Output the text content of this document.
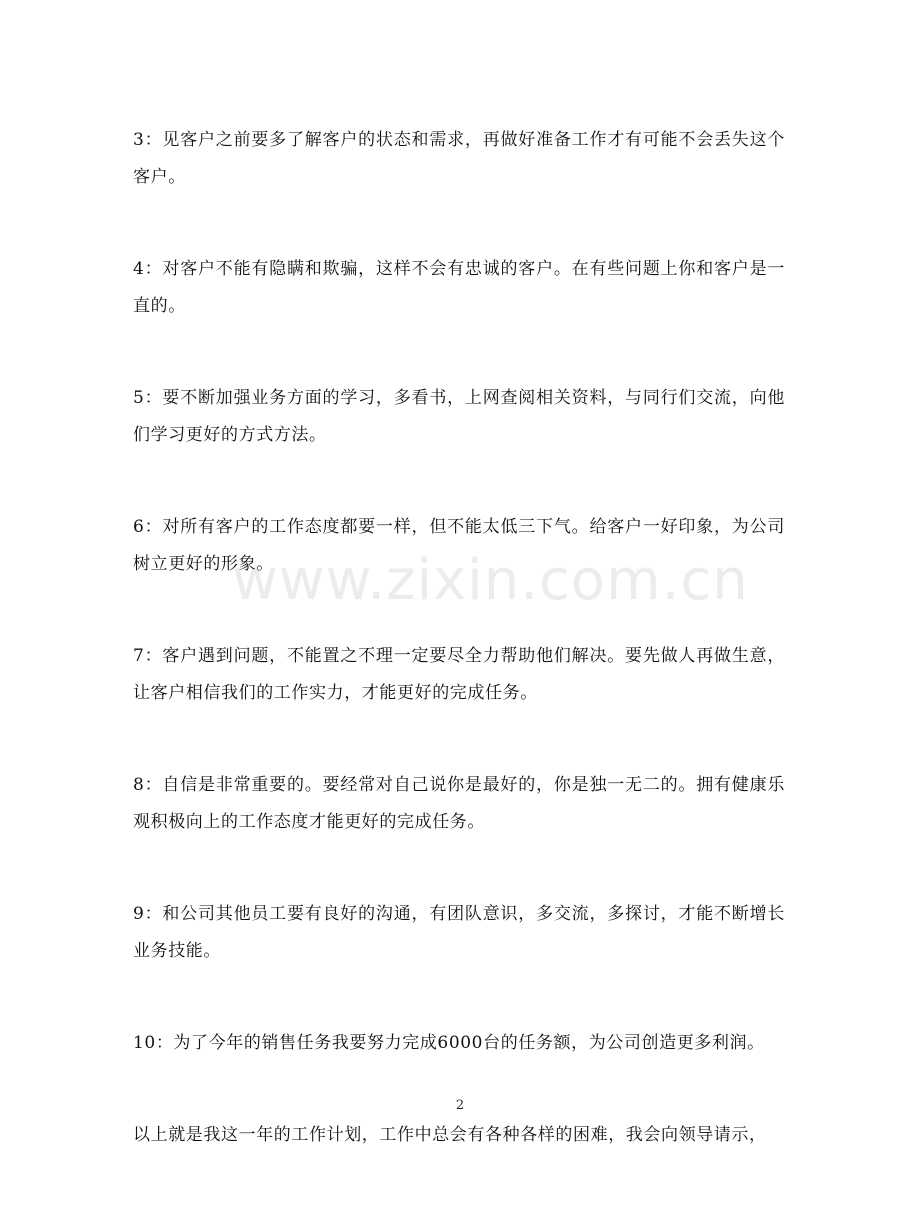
3：见客户之前要多了解客户的状态和需求，再做好准备工作才有可能不会丢失这个客户。

4：对客户不能有隐瞒和欺骗，这样不会有忠诚的客户。在有些问题上你和客户是一直的。

5：要不断加强业务方面的学习，多看书，上网查阅相关资料，与同行们交流，向他们学习更好的方式方法。

6：对所有客户的工作态度都要一样，但不能太低三下气。给客户一好印象，为公司树立更好的形象。

7：客户遇到问题，不能置之不理一定要尽全力帮助他们解决。要先做人再做生意，让客户相信我们的工作实力，才能更好的完成任务。

8：自信是非常重要的。要经常对自己说你是最好的，你是独一无二的。拥有健康乐观积极向上的工作态度才能更好的完成任务。

9：和公司其他员工要有良好的沟通，有团队意识，多交流，多探讨，才能不断增长业务技能。

10：为了今年的销售任务我要努力完成6000台的任务额，为公司创造更多利润。

以上就是我这一年的工作计划，工作中总会有各种各样的困难，我会向领导请示，

www.zixin.com.cn
2
